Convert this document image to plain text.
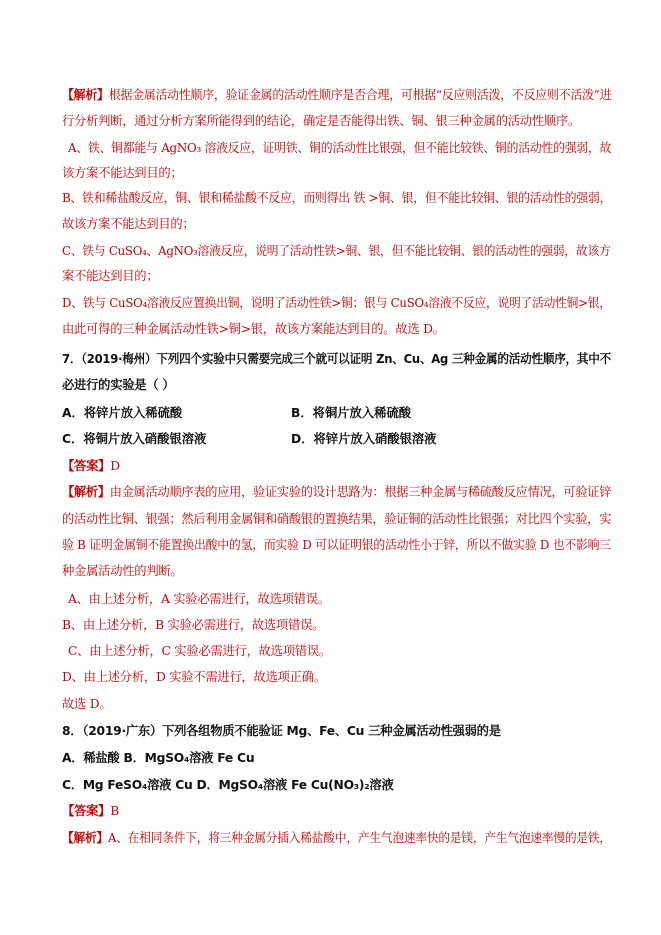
【解析】根据金属活动性顺序，验证金属的活动性顺序是否合理，可根据“反应则活泼，不反应则不活泼”进
行分析判断，通过分析方案所能得到的结论，确定是否能得出铁、铜、银三种金属的活动性顺序。
A、铁、铜都能与 AgNO₃ 溶液反应，证明铁、铜的活动性比银强，但不能比较铁、铜的活动性的强弱，故
该方案不能达到目的；
B、铁和稀盐酸反应，铜、银和稀盐酸不反应，而则得出 铁 >铜、银，但不能比较铜、银的活动性的强弱，
故该方案不能达到目的；
C、铁与 CuSO₄、AgNO₃溶液反应，说明了活动性铁>铜、银，但不能比较铜、银的活动性的强弱，故该方
案不能达到目的；
D、铁与 CuSO₄溶液反应置换出铜，说明了活动性铁>铜；银与 CuSO₄溶液不反应，说明了活动性铜>银，
由此可得的三种金属活动性铁>铜>银，故该方案能达到目的。故选 D。
7．（2019·梅州）下列四个实验中只需要完成三个就可以证明 Zn、Cu、Ag 三种金属的活动性顺序，其中不
必进行的实验是（ ）
A．将锌片放入稀硫酸	B．将铜片放入稀硫酸
C．将铜片放入硝酸银溶液	D．将锌片放入硝酸银溶液
【答案】D
【解析】由金属活动顺序表的应用，验证实验的设计思路为：根据三种金属与稀硫酸反应情况，可验证锌
的活动性比铜、银强；然后利用金属铜和硝酸银的置换结果，验证铜的活动性比银强；对比四个实验，实
验 B 证明金属铜不能置换出酸中的氢，而实验 D 可以证明银的活动性小于锌，所以不做实验 D 也不影响三
种金属活动性的判断。
A、由上述分析，A 实验必需进行，故选项错误。
B、由上述分析，B 实验必需进行，故选项错误。
C、由上述分析，C 实验必需进行，故选项错误。
D、由上述分析，D 实验不需进行，故选项正确。
故选 D。
8．（2019·广东）下列各组物质不能验证 Mg、Fe、Cu 三种金属活动性强弱的是
A．稀盐酸 B．MgSO₄溶液 Fe Cu
C．Mg FeSO₄溶液 Cu D．MgSO₄溶液 Fe Cu(NO₃)₂溶液
【答案】B
【解析】A、在相同条件下，将三种金属分插入稀盐酸中，产生气泡速率快的是镁，产生气泡速率慢的是铁，
